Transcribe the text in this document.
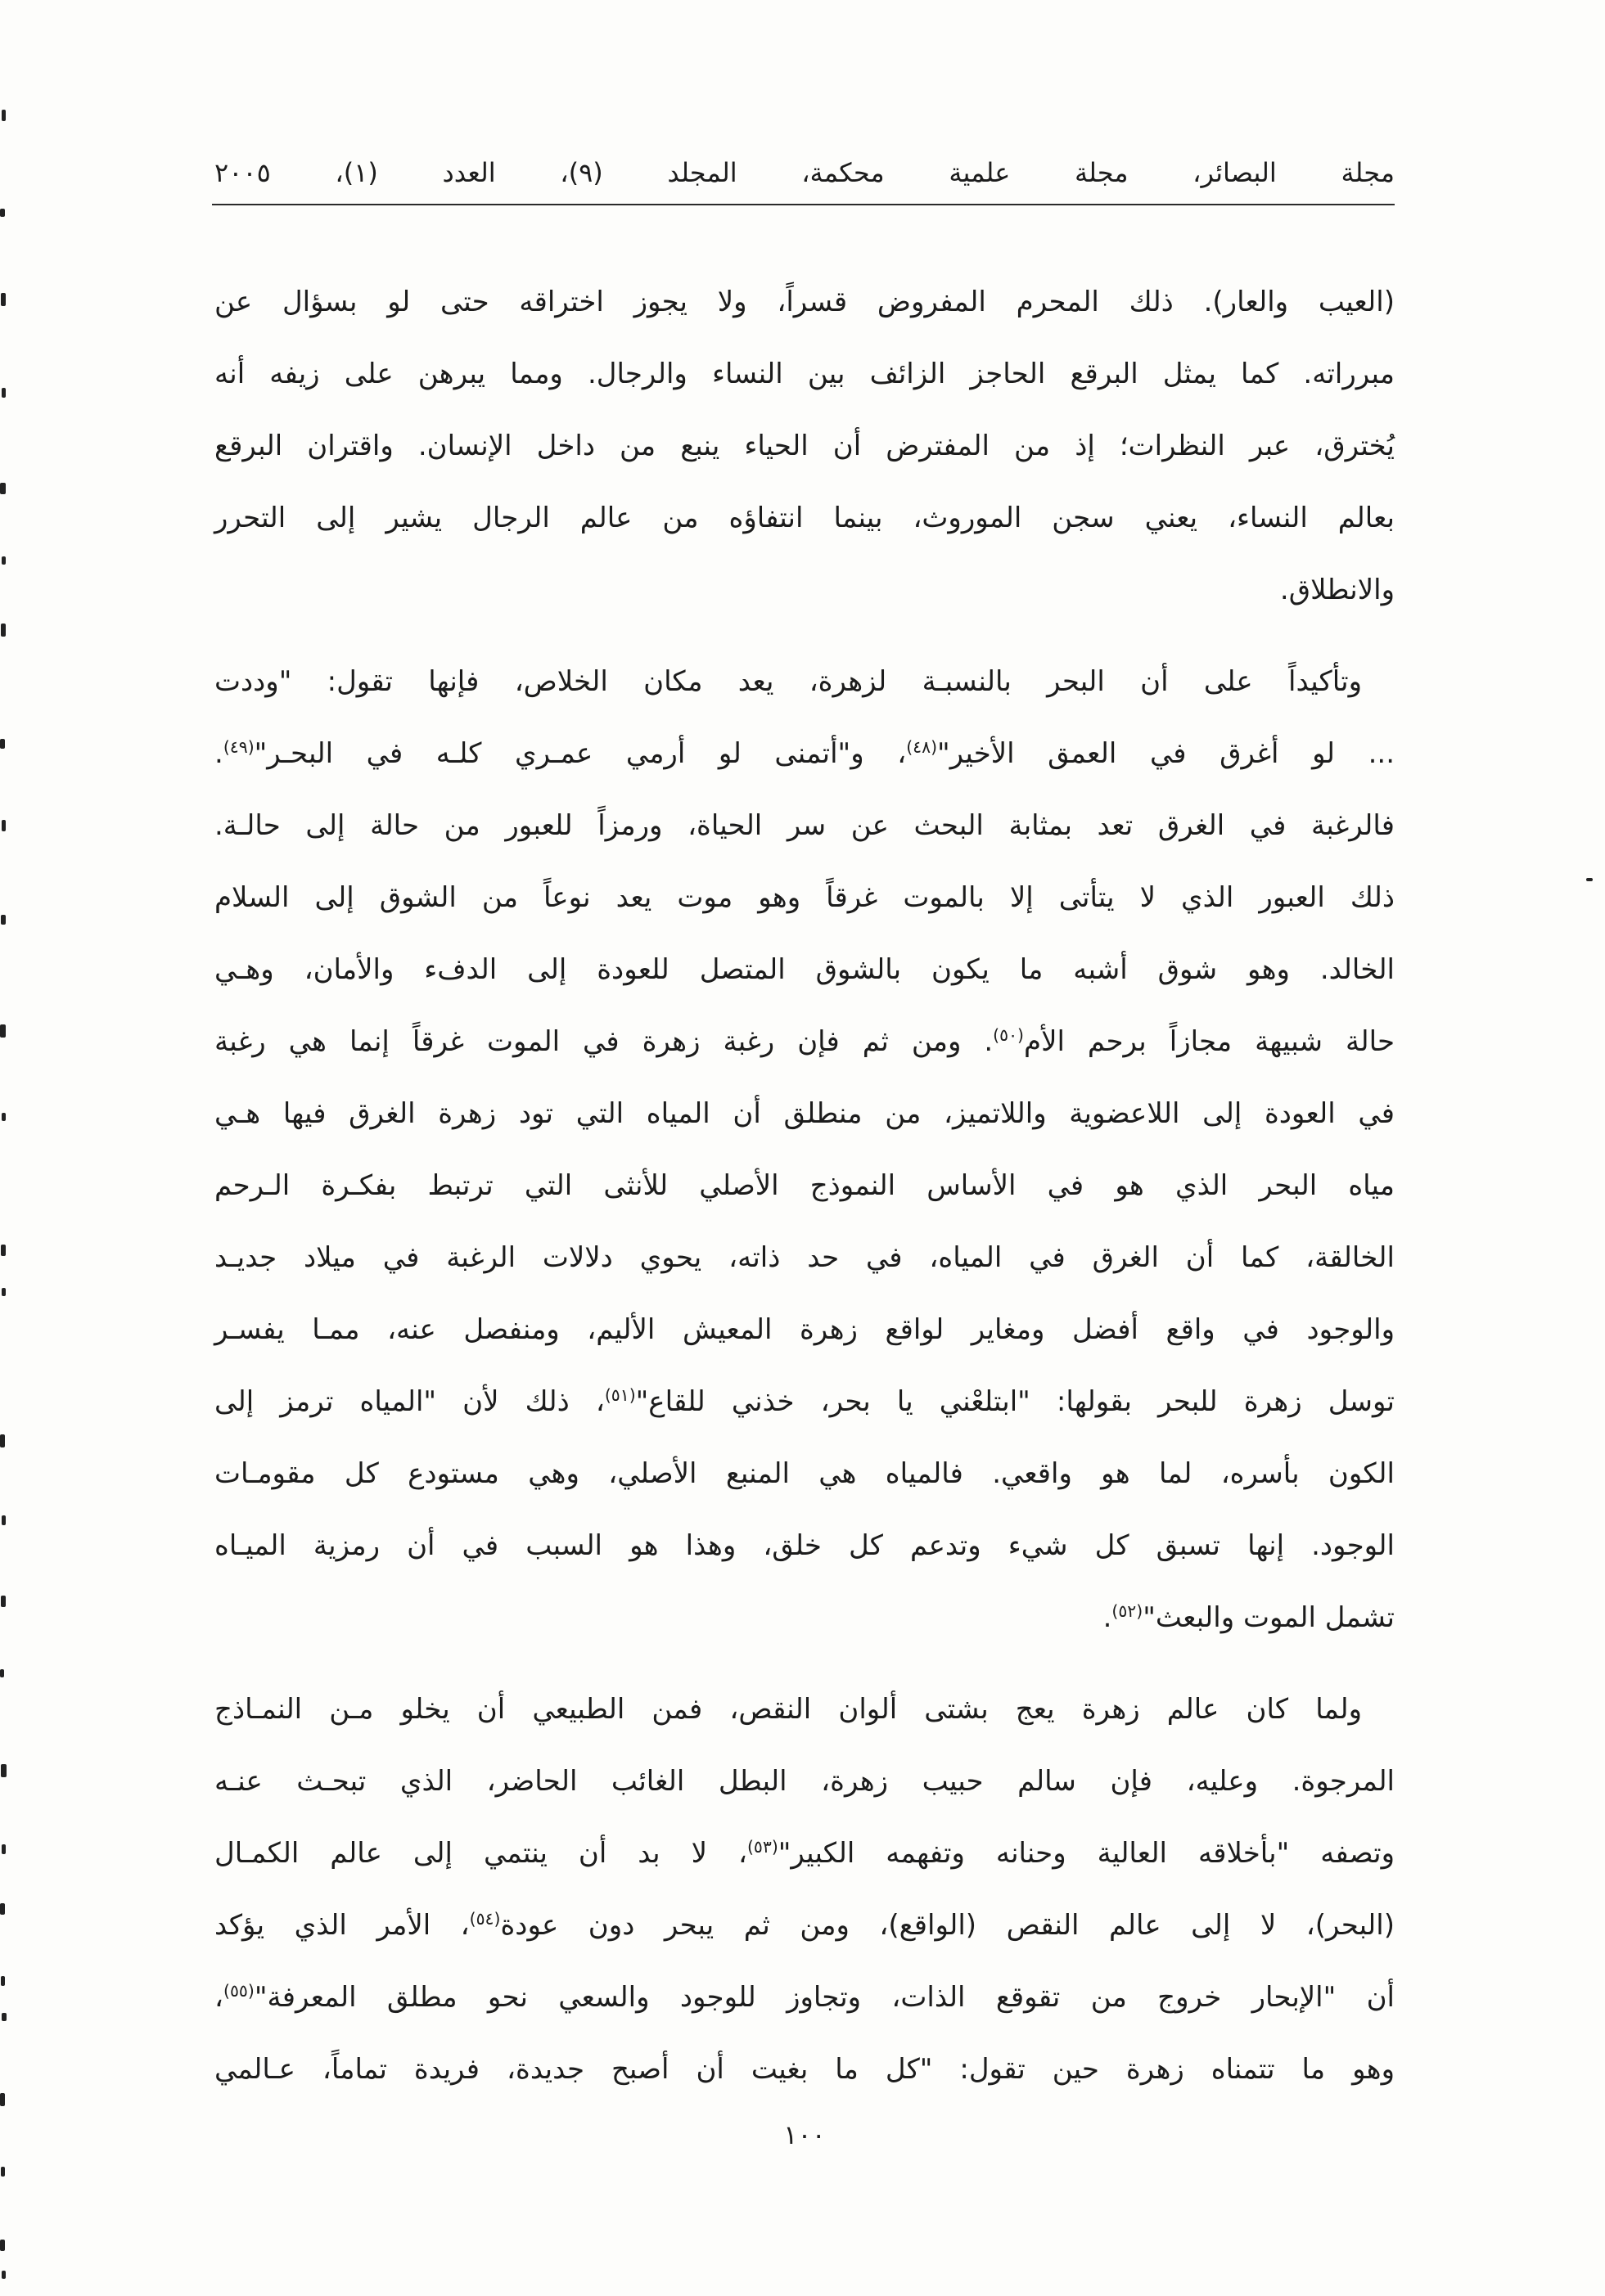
مجلة البصائر، مجلة علمية محكمة، المجلد (٩)، العدد (١)، ٢٠٠٥
(العيب والعار). ذلك المحرم المفروض قسراً، ولا يجوز اختراقه حتى لو بسؤال عن
مبرراته. كما يمثل البرقع الحاجز الزائف بين النساء والرجال. ومما يبرهن على زيفه أنه
يُخترق، عبر النظرات؛ إذ من المفترض أن الحياء ينبع من داخل الإنسان. واقتران البرقع
بعالم النساء، يعني سجن الموروث، بينما انتفاؤه من عالم الرجال يشير إلى التحرر
والانطلاق.
وتأكيداً على أن البحر بالنسبـة لزهرة، يعد مكان الخلاص، فإنها تقول: "وددت
... لو أغرق في العمق الأخير"$^{(٤٨)}$، و"أتمنى لو أرمي عمـري كلـه في البحـر"$^{(٤٩)}$.
فالرغبة في الغرق تعد بمثابة البحث عن سر الحياة، ورمزاً للعبور من حالة إلى حالـة.
ذلك العبور الذي لا يتأتى إلا بالموت غرقاً وهو موت يعد نوعاً من الشوق إلى السلام
الخالد. وهو شوق أشبه ما يكون بالشوق المتصل للعودة إلى الدفء والأمان، وهـي
حالة شبيهة مجازاً برحم الأم$^{(٥٠)}$. ومن ثم فإن رغبة زهرة في الموت غرقاً إنما هي رغبة
في العودة إلى اللاعضوية واللاتميز، من منطلق أن المياه التي تود زهرة الغرق فيها هـي
مياه البحر الذي هو في الأساس النموذج الأصلي للأنثى التي ترتبط بفكـرة الـرحم
الخالقة، كما أن الغرق في المياه، في حد ذاته، يحوي دلالات الرغبة في ميلاد جديـد
والوجود في واقع أفضل ومغاير لواقع زهرة المعيش الأليم، ومنفصل عنه، ممـا يفسـر
توسل زهرة للبحر بقولها: "ابتلعْني يا بحر، خذني للقاع"$^{(٥١)}$، ذلك لأن "المياه ترمز إلى
الكون بأسره، لما هو واقعي. فالمياه هي المنبع الأصلي، وهي مستودع كل مقومـات
الوجود. إنها تسبق كل شيء وتدعم كل خلق، وهذا هو السبب في أن رمزية الميـاه
تشمل الموت والبعث"$^{(٥٢)}$.
ولما كان عالم زهرة يعج بشتى ألوان النقص، فمن الطبيعي أن يخلو مـن النمـاذج
المرجوة. وعليه، فإن سالم حبيب زهرة، البطل الغائب الحاضر، الذي تبحـث عنـه
وتصفه "بأخلاقه العالية وحنانه وتفهمه الكبير"$^{(٥٣)}$، لا بد أن ينتمي إلى عالم الكمـال
(البحر)، لا إلى عالم النقص (الواقع)، ومن ثم يبحر دون عودة$^{(٥٤)}$، الأمر الذي يؤكد
أن "الإبحار خروج من تقوقع الذات، وتجاوز للوجود والسعي نحو مطلق المعرفة"$^{(٥٥)}$،
وهو ما تتمناه زهرة حين تقول: "كل ما بغيت أن أصبح جديدة، فريدة تماماً، عـالمي
١٠٠
